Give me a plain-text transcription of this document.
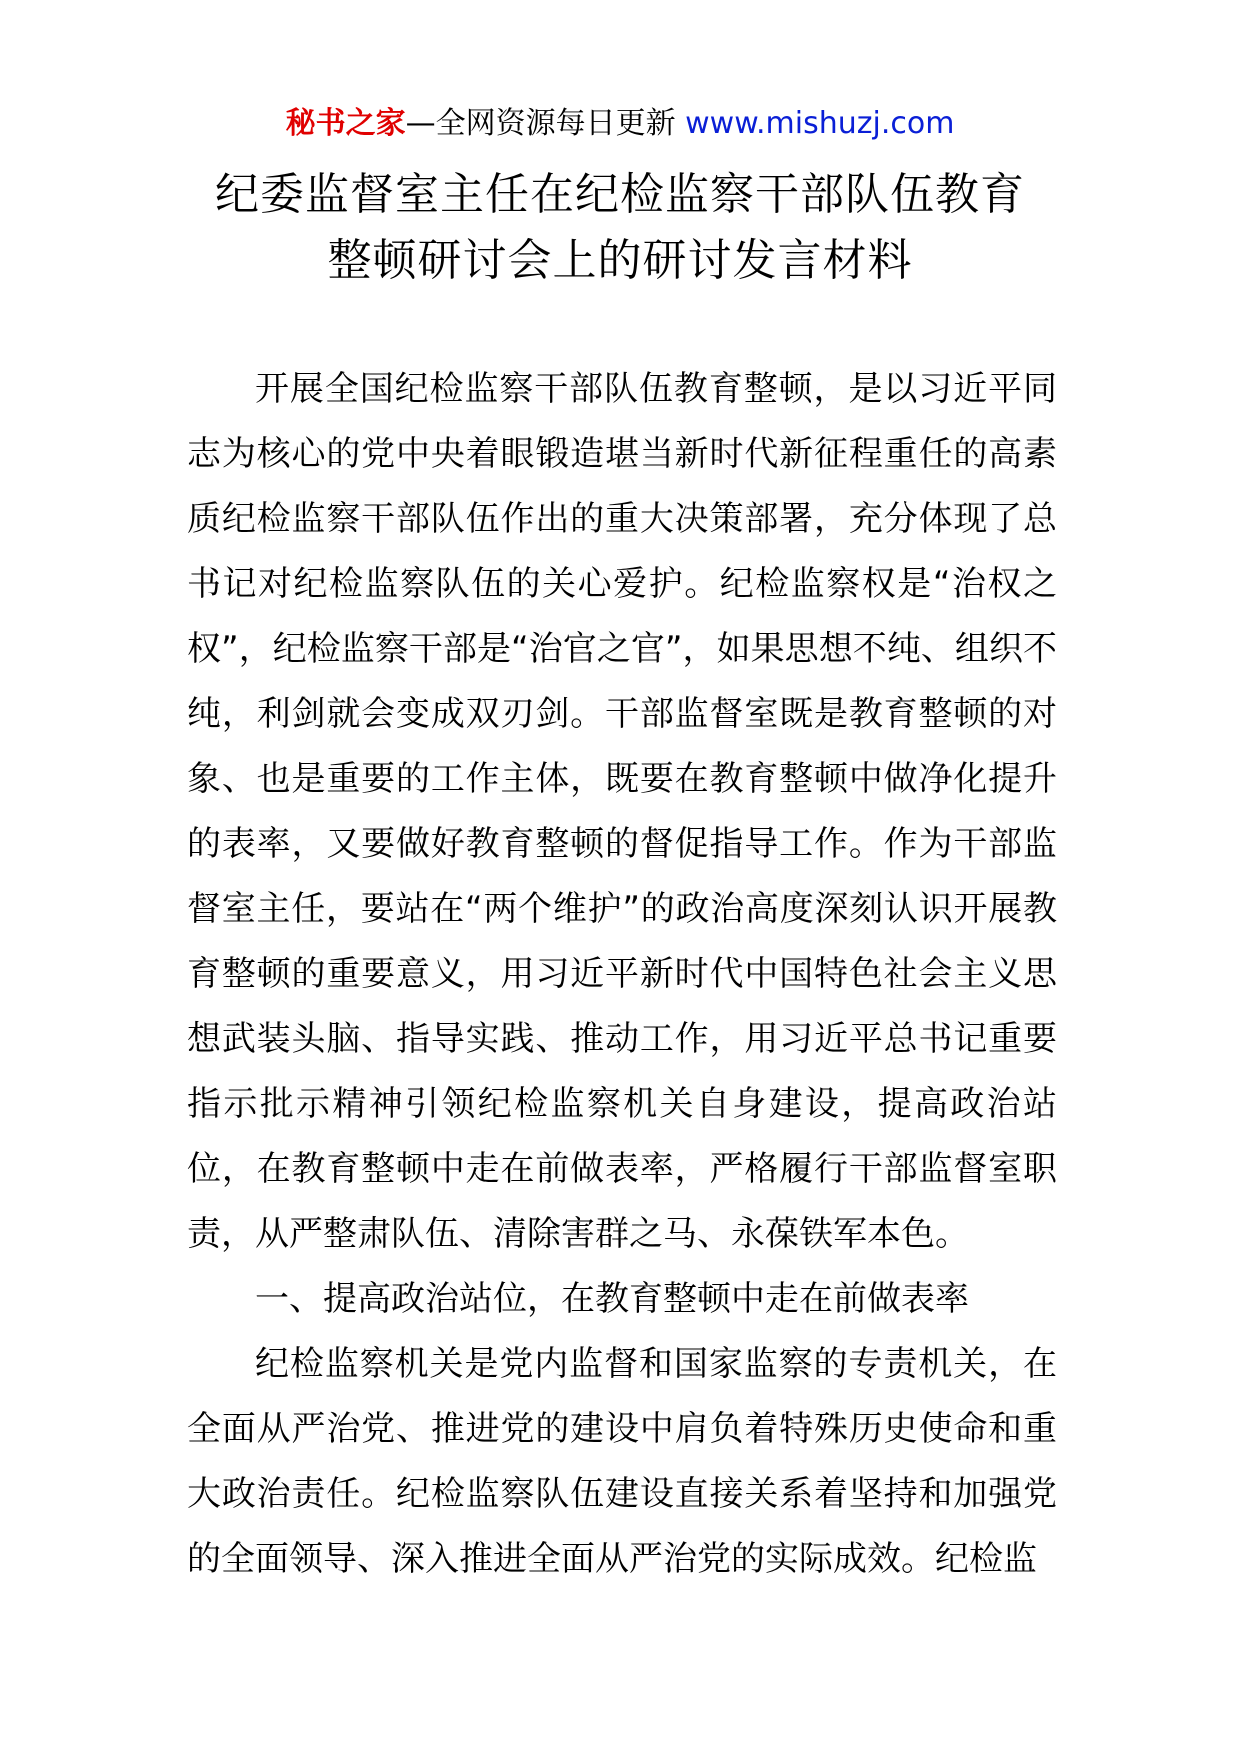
秘书之家—全网资源每日更新 www.mishuzj.com
纪委监督室主任在纪检监察干部队伍教育
整顿研讨会上的研讨发言材料

开展全国纪检监察干部队伍教育整顿，是以习近平同志为核心的党中央着眼锻造堪当新时代新征程重任的高素质纪检监察干部队伍作出的重大决策部署，充分体现了总书记对纪检监察队伍的关心爱护。纪检监察权是“治权之权”，纪检监察干部是“治官之官”，如果思想不纯、组织不纯，利剑就会变成双刃剑。干部监督室既是教育整顿的对象、也是重要的工作主体，既要在教育整顿中做净化提升的表率，又要做好教育整顿的督促指导工作。作为干部监督室主任，要站在“两个维护”的政治高度深刻认识开展教育整顿的重要意义，用习近平新时代中国特色社会主义思想武装头脑、指导实践、推动工作，用习近平总书记重要指示批示精神引领纪检监察机关自身建设，提高政治站位，在教育整顿中走在前做表率，严格履行干部监督室职责，从严整肃队伍、清除害群之马、永葆铁军本色。

一、提高政治站位，在教育整顿中走在前做表率

纪检监察机关是党内监督和国家监察的专责机关，在全面从严治党、推进党的建设中肩负着特殊历史使命和重大政治责任。纪检监察队伍建设直接关系着坚持和加强党的全面领导、深入推进全面从严治党的实际成效。纪检监
